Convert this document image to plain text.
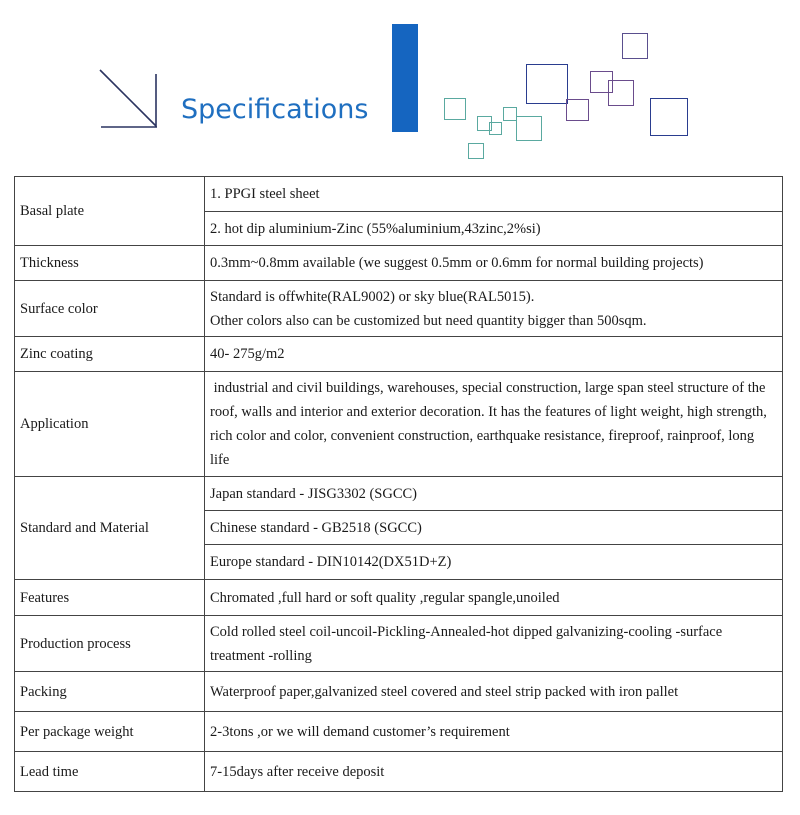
Specifications
Basal plate	1. PPGI steel sheet
	2. hot dip aluminium-Zinc (55%aluminium,43zinc,2%si)
Thickness	0.3mm~0.8mm available (we suggest 0.5mm or 0.6mm for normal building projects)
Surface color	Standard is offwhite(RAL9002) or sky blue(RAL5015).
Other colors also can be customized but need quantity bigger than 500sqm.
Zinc coating	40- 275g/m2
Application	industrial and civil buildings, warehouses, special construction, large span steel structure of the roof, walls and interior and exterior decoration. It has the features of light weight, high strength, rich color and color, convenient construction, earthquake resistance, fireproof, rainproof, long life
Standard and Material	Japan standard - JISG3302 (SGCC)
	Chinese standard - GB2518 (SGCC)
	Europe standard - DIN10142(DX51D+Z)
Features	Chromated ,full hard or soft quality ,regular spangle,unoiled
Production process	Cold rolled steel coil-uncoil-Pickling-Annealed-hot dipped galvanizing-cooling -surface treatment -rolling
Packing	Waterproof paper,galvanized steel covered and steel strip packed with iron pallet
Per package weight	2-3tons ,or we will demand customer’s requirement
Lead time	7-15days after receive deposit
